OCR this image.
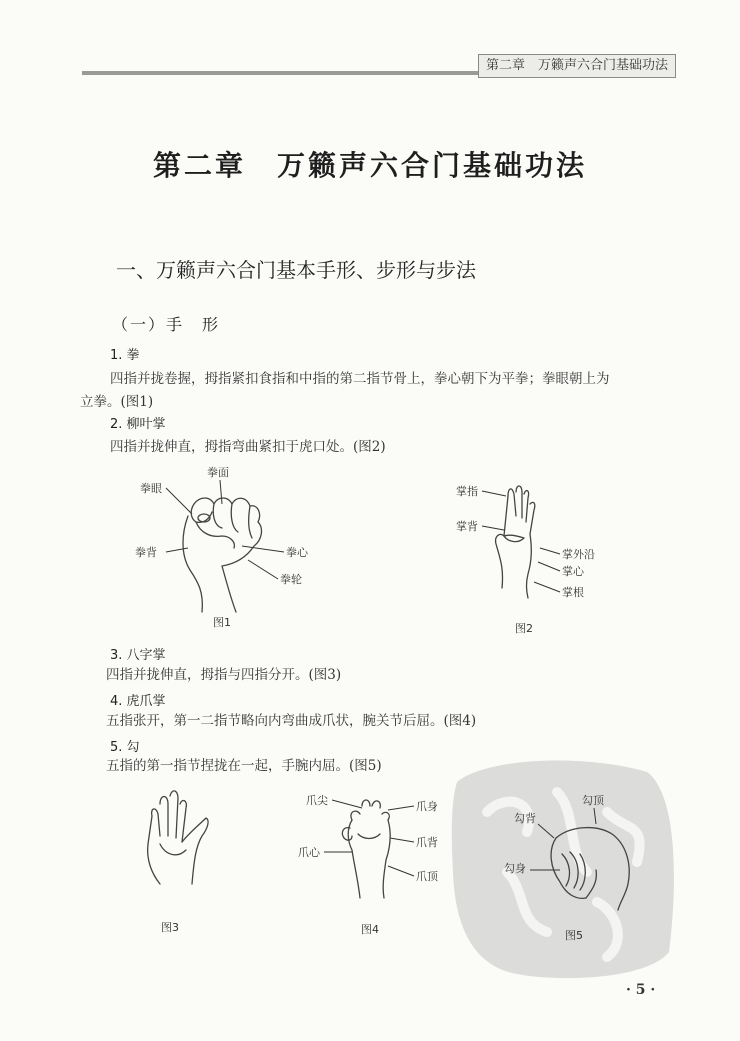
第二章　万籁声六合门基础功法
第二章　万籁声六合门基础功法
一、万籁声六合门基本手形、步形与步法
（一）手　形
1. 拳
四指并拢卷握，拇指紧扣食指和中指的第二指节骨上，拳心朝下为平拳；拳眼朝上为
立拳。(图1)
2. 柳叶掌
四指并拢伸直，拇指弯曲紧扣于虎口处。(图2)
拳面
拳眼
拳背	拳心
拳轮
图1
掌指
掌背
掌外沿
掌心
掌根
图2
3. 八字掌
四指并拢伸直，拇指与四指分开。(图3)
4. 虎爪掌
五指张开，第一二指节略向内弯曲成爪状，腕关节后屈。(图4)
5. 勾
五指的第一指节捏拢在一起，手腕内屈。(图5)
图3
爪尖	爪身
爪背
爪心
爪顶
图4
勾顶
勾背
勾身
图5
· 5 ·
